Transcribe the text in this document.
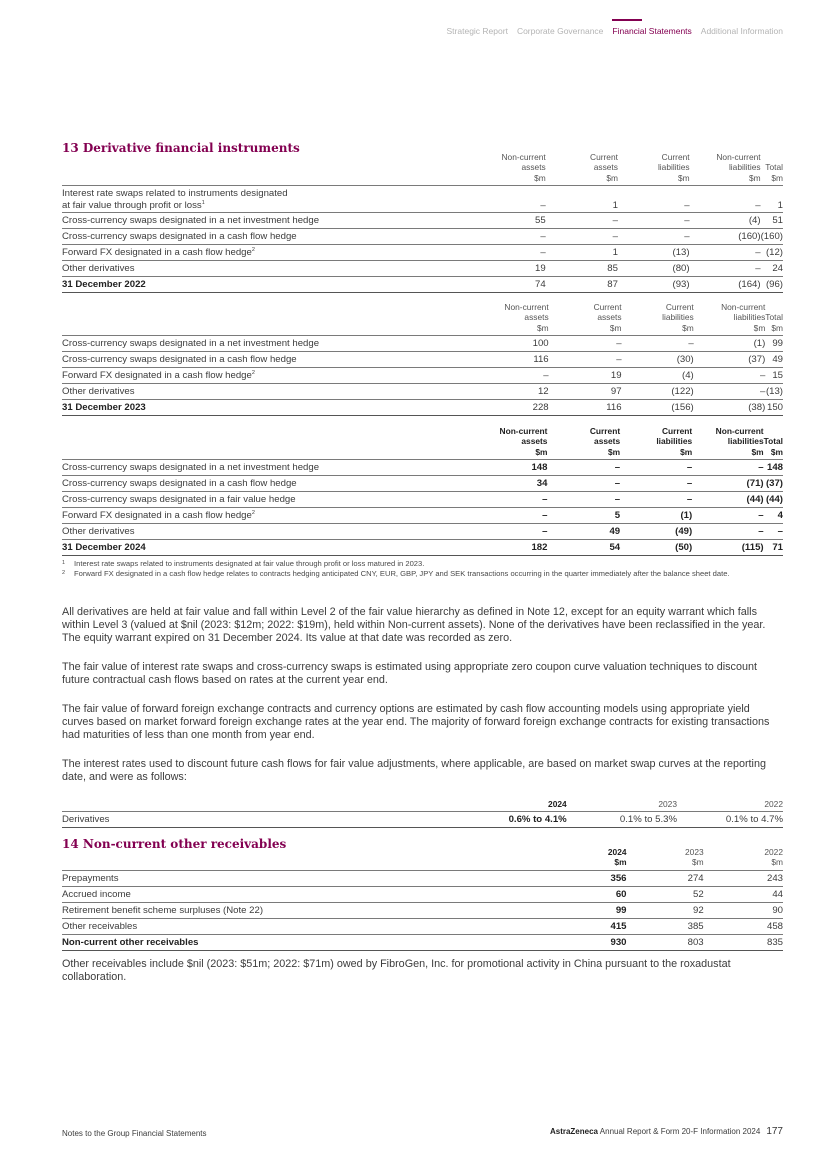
Strategic Report Corporate Governance Financial Statements Additional Information
13 Derivative financial instruments
	Non-current
assets
$m	Current
assets
$m	Current
liabilities
$m	Non-current
liabilities
$m	Total
$m
Interest rate swaps related to instruments designated
at fair value through profit or loss$^1$	–	1	–	–	1
Cross-currency swaps designated in a net investment hedge	55	–	–	(4)	51
Cross-currency swaps designated in a cash flow hedge	–	–	–	(160)	(160)
Forward FX designated in a cash flow hedge$^2$	–	1	(13)	–	(12)
Other derivatives	19	85	(80)	–	24
31 December 2022	74	87	(93)	(164)	(96)
	Non-current
assets
$m	Current
assets
$m	Current
liabilities
$m	Non-current
liabilities
$m	Total
$m
Cross-currency swaps designated in a net investment hedge	100	–	–	(1)	99
Cross-currency swaps designated in a cash flow hedge	116	–	(30)	(37)	49
Forward FX designated in a cash flow hedge$^2$	–	19	(4)	–	15
Other derivatives	12	97	(122)	–	(13)
31 December 2023	228	116	(156)	(38)	150
	Non-current
assets
$m	Current
assets
$m	Current
liabilities
$m	Non-current
liabilities
$m	Total
$m
Cross-currency swaps designated in a net investment hedge	148	–	–	–	148
Cross-currency swaps designated in a cash flow hedge	34	–	–	(71)	(37)
Cross-currency swaps designated in a fair value hedge	–	–	–	(44)	(44)
Forward FX designated in a cash flow hedge$^2$	–	5	(1)	–	4
Other derivatives	–	49	(49)	–	–
31 December 2024	182	54	(50)	(115)	71
1 Interest rate swaps related to instruments designated at fair value through profit or loss matured in 2023.
2 Forward FX designated in a cash flow hedge relates to contracts hedging anticipated CNY, EUR, GBP, JPY and SEK transactions occurring in the quarter immediately after the balance sheet date.
All derivatives are held at fair value and fall within Level 2 of the fair value hierarchy as defined in Note 12, except for an equity warrant which falls within Level 3 (valued at $nil (2023: $12m; 2022: $19m), held within Non-current assets). None of the derivatives have been reclassified in the year. The equity warrant expired on 31 December 2024. Its value at that date was recorded as zero.
The fair value of interest rate swaps and cross-currency swaps is estimated using appropriate zero coupon curve valuation techniques to discount future contractual cash flows based on rates at the current year end.
The fair value of forward foreign exchange contracts and currency options are estimated by cash flow accounting models using appropriate yield curves based on market forward foreign exchange rates at the year end. The majority of forward foreign exchange contracts for existing transactions had maturities of less than one month from year end.
The interest rates used to discount future cash flows for fair value adjustments, where applicable, are based on market swap curves at the reporting date, and were as follows:
	2024	2023	2022
Derivatives	0.6% to 4.1%	0.1% to 5.3%	0.1% to 4.7%
14 Non-current other receivables
	2024
$m	2023
$m	2022
$m
Prepayments	356	274	243
Accrued income	60	52	44
Retirement benefit scheme surpluses (Note 22)	99	92	90
Other receivables	415	385	458
Non-current other receivables	930	803	835
Other receivables include $nil (2023: $51m; 2022: $71m) owed by FibroGen, Inc. for promotional activity in China pursuant to the roxadustat collaboration.
Notes to the Group Financial Statements	AstraZeneca Annual Report & Form 20-F Information 2024 177
